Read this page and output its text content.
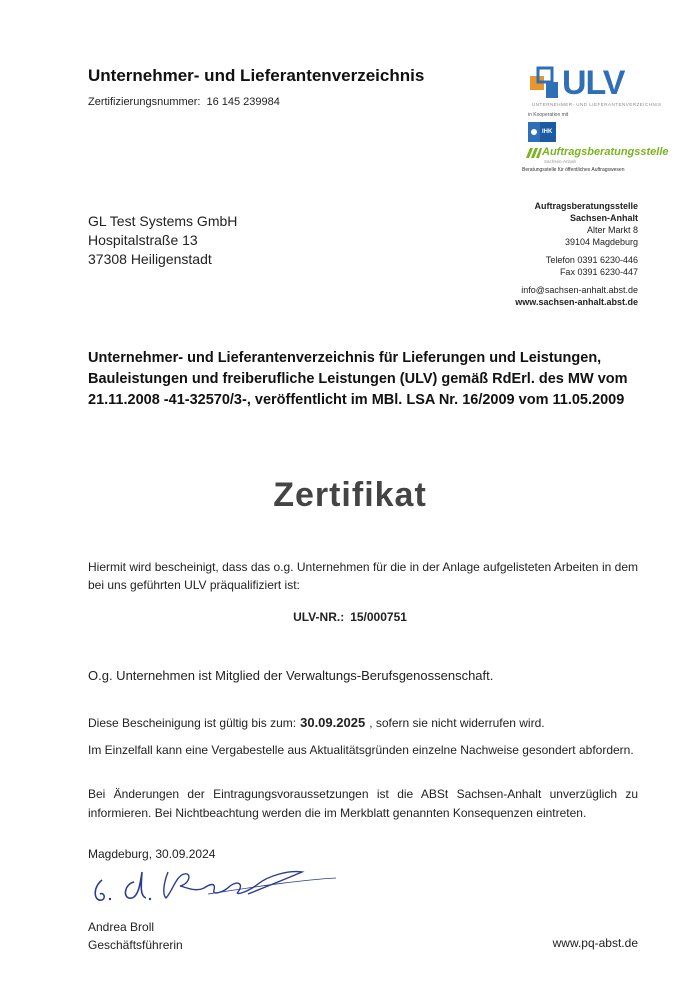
Unternehmer- und Lieferantenverzeichnis
Zertifizierungsnummer: 16 145 239984	ULV
UNTERNEHMER- UND LIEFERANTENVERZEICHNIS
in Kooperation mit
IHK
Auftragsberatungsstelle
Sachsen-Anhalt
Beratungsstelle für öffentliches Auftragswesen
Auftragsberatungsstelle
Sachsen-Anhalt
Alter Markt 8
39104 Magdeburg
Telefon 0391 6230-446
Fax 0391 6230-447
info@sachsen-anhalt.abst.de
www.sachsen-anhalt.abst.de
GL Test Systems GmbH
Hospitalstraße 13
37308 Heiligenstadt
Unternehmer- und Lieferantenverzeichnis für Lieferungen und Leistungen, Bauleistungen und freiberufliche Leistungen (ULV) gemäß RdErl. des MW vom 21.11.2008 -41-32570/3-, veröffentlicht im MBl. LSA Nr. 16/2009 vom 11.05.2009
Zertifikat
Hiermit wird bescheinigt, dass das o.g. Unternehmen für die in der Anlage aufgelisteten Arbeiten in dem bei uns geführten ULV präqualifiziert ist:
ULV-NR.: 15/000751
O.g. Unternehmen ist Mitglied der Verwaltungs-Berufsgenossenschaft.
Diese Bescheinigung ist gültig bis zum: 30.09.2025 , sofern sie nicht widerrufen wird.
Im Einzelfall kann eine Vergabestelle aus Aktualitätsgründen einzelne Nachweise gesondert abfordern.
Bei Änderungen der Eintragungsvoraussetzungen ist die ABSt Sachsen-Anhalt unverzüglich zu informieren. Bei Nichtbeachtung werden die im Merkblatt genannten Konsequenzen eintreten.
Magdeburg, 30.09.2024
Andrea Broll
Geschäftsführerin	www.pq-abst.de
